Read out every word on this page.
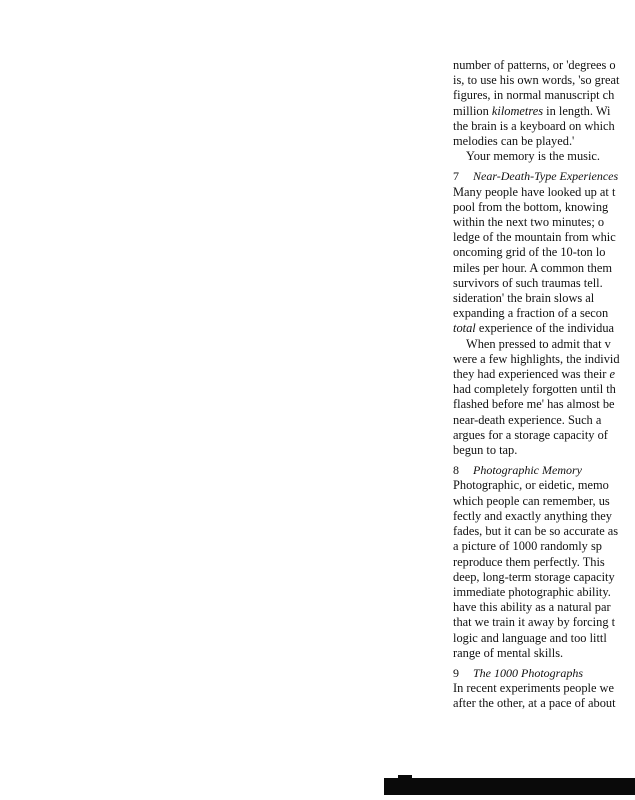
number of patterns, or 'degrees o
is, to use his own words, 'so great
figures, in normal manuscript ch
million kilometres in length. Wi
the brain is a keyboard on which
melodies can be played.'
Your memory is the music.
7 Near-Death-Type Experiences
Many people have looked up at t
pool from the bottom, knowing
within the next two minutes; o
ledge of the mountain from whic
oncoming grid of the 10-ton lo
miles per hour. A common them
survivors of such traumas tell.
sideration' the brain slows al
expanding a fraction of a secon
total experience of the individua
When pressed to admit that v
were a few highlights, the individ
they had experienced was their e
had completely forgotten until th
flashed before me' has almost be
near-death experience. Such a
argues for a storage capacity of
begun to tap.
8 Photographic Memory
Photographic, or eidetic, memo
which people can remember, us
fectly and exactly anything they
fades, but it can be so accurate as
a picture of 1000 randomly sp
reproduce them perfectly. This
deep, long-term storage capacity
immediate photographic ability.
have this ability as a natural par
that we train it away by forcing t
logic and language and too littl
range of mental skills.
9 The 1000 Photographs
In recent experiments people we
after the other, at a pace of about
